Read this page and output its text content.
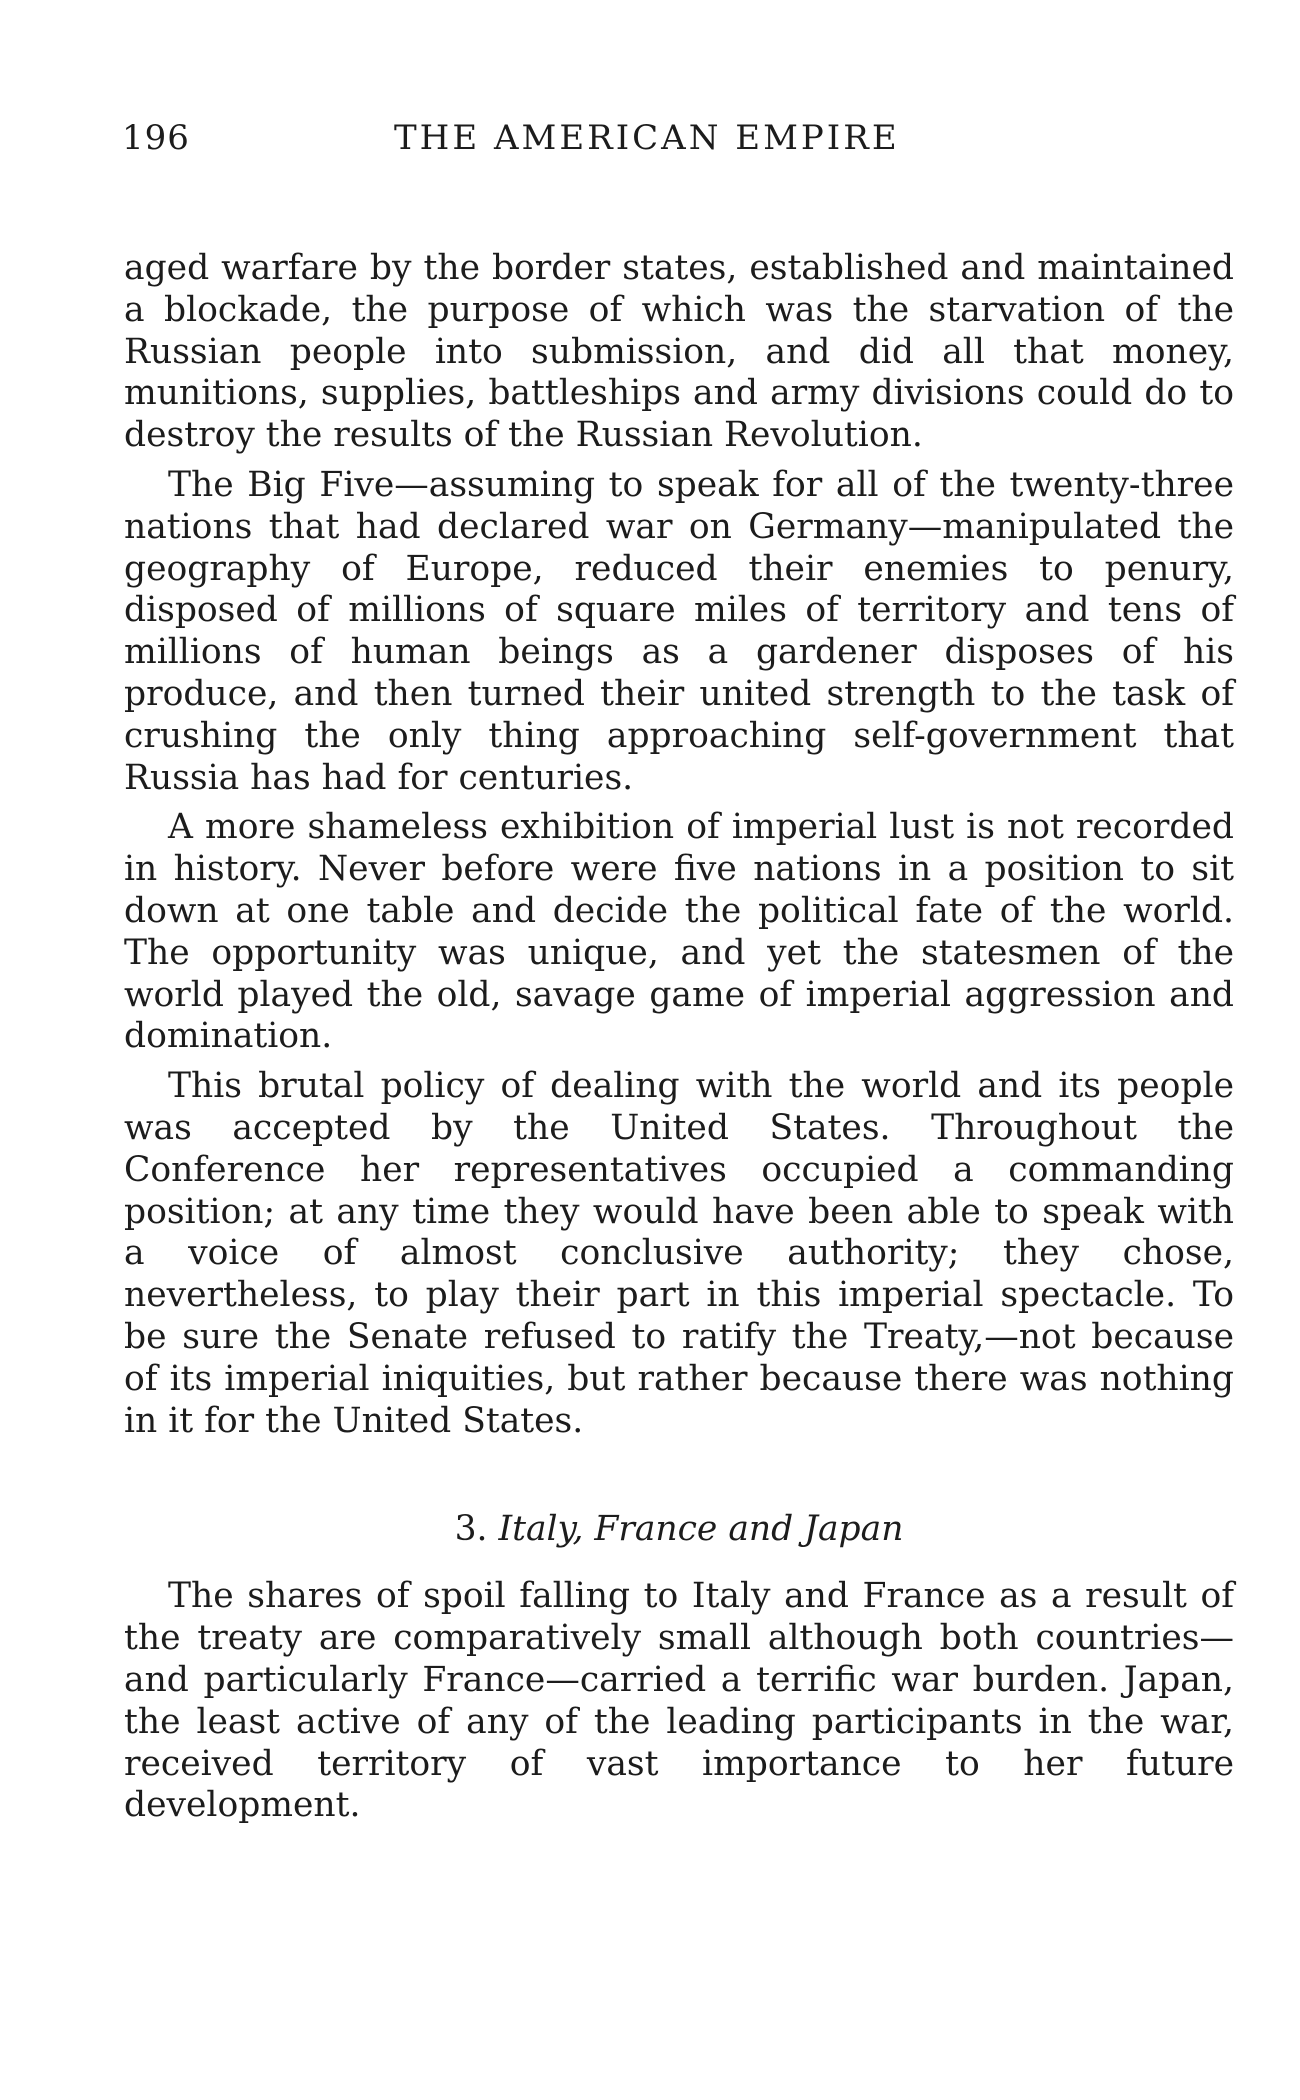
196	THE AMERICAN EMPIRE

aged warfare by the border states, established and maintained a blockade, the purpose of which was the starvation of the Russian people into submission, and did all that money, munitions, supplies, battleships and army divisions could do to destroy the results of the Russian Revolution.

The Big Five—assuming to speak for all of the twenty-three nations that had declared war on Germany—manipulated the geography of Europe, reduced their enemies to penury, disposed of millions of square miles of territory and tens of millions of human beings as a gardener disposes of his produce, and then turned their united strength to the task of crushing the only thing approaching self-government that Russia has had for centuries.

A more shameless exhibition of imperial lust is not recorded in history. Never before were five nations in a position to sit down at one table and decide the political fate of the world. The opportunity was unique, and yet the statesmen of the world played the old, savage game of imperial aggression and domination.

This brutal policy of dealing with the world and its people was accepted by the United States. Throughout the Conference her representatives occupied a commanding position; at any time they would have been able to speak with a voice of almost conclusive authority; they chose, nevertheless, to play their part in this imperial spectacle. To be sure the Senate refused to ratify the Treaty,—not because of its imperial iniquities, but rather because there was nothing in it for the United States.

3. Italy, France and Japan

The shares of spoil falling to Italy and France as a result of the treaty are comparatively small although both countries—and particularly France—carried a terrific war burden. Japan, the least active of any of the leading participants in the war, received territory of vast importance to her future development.
